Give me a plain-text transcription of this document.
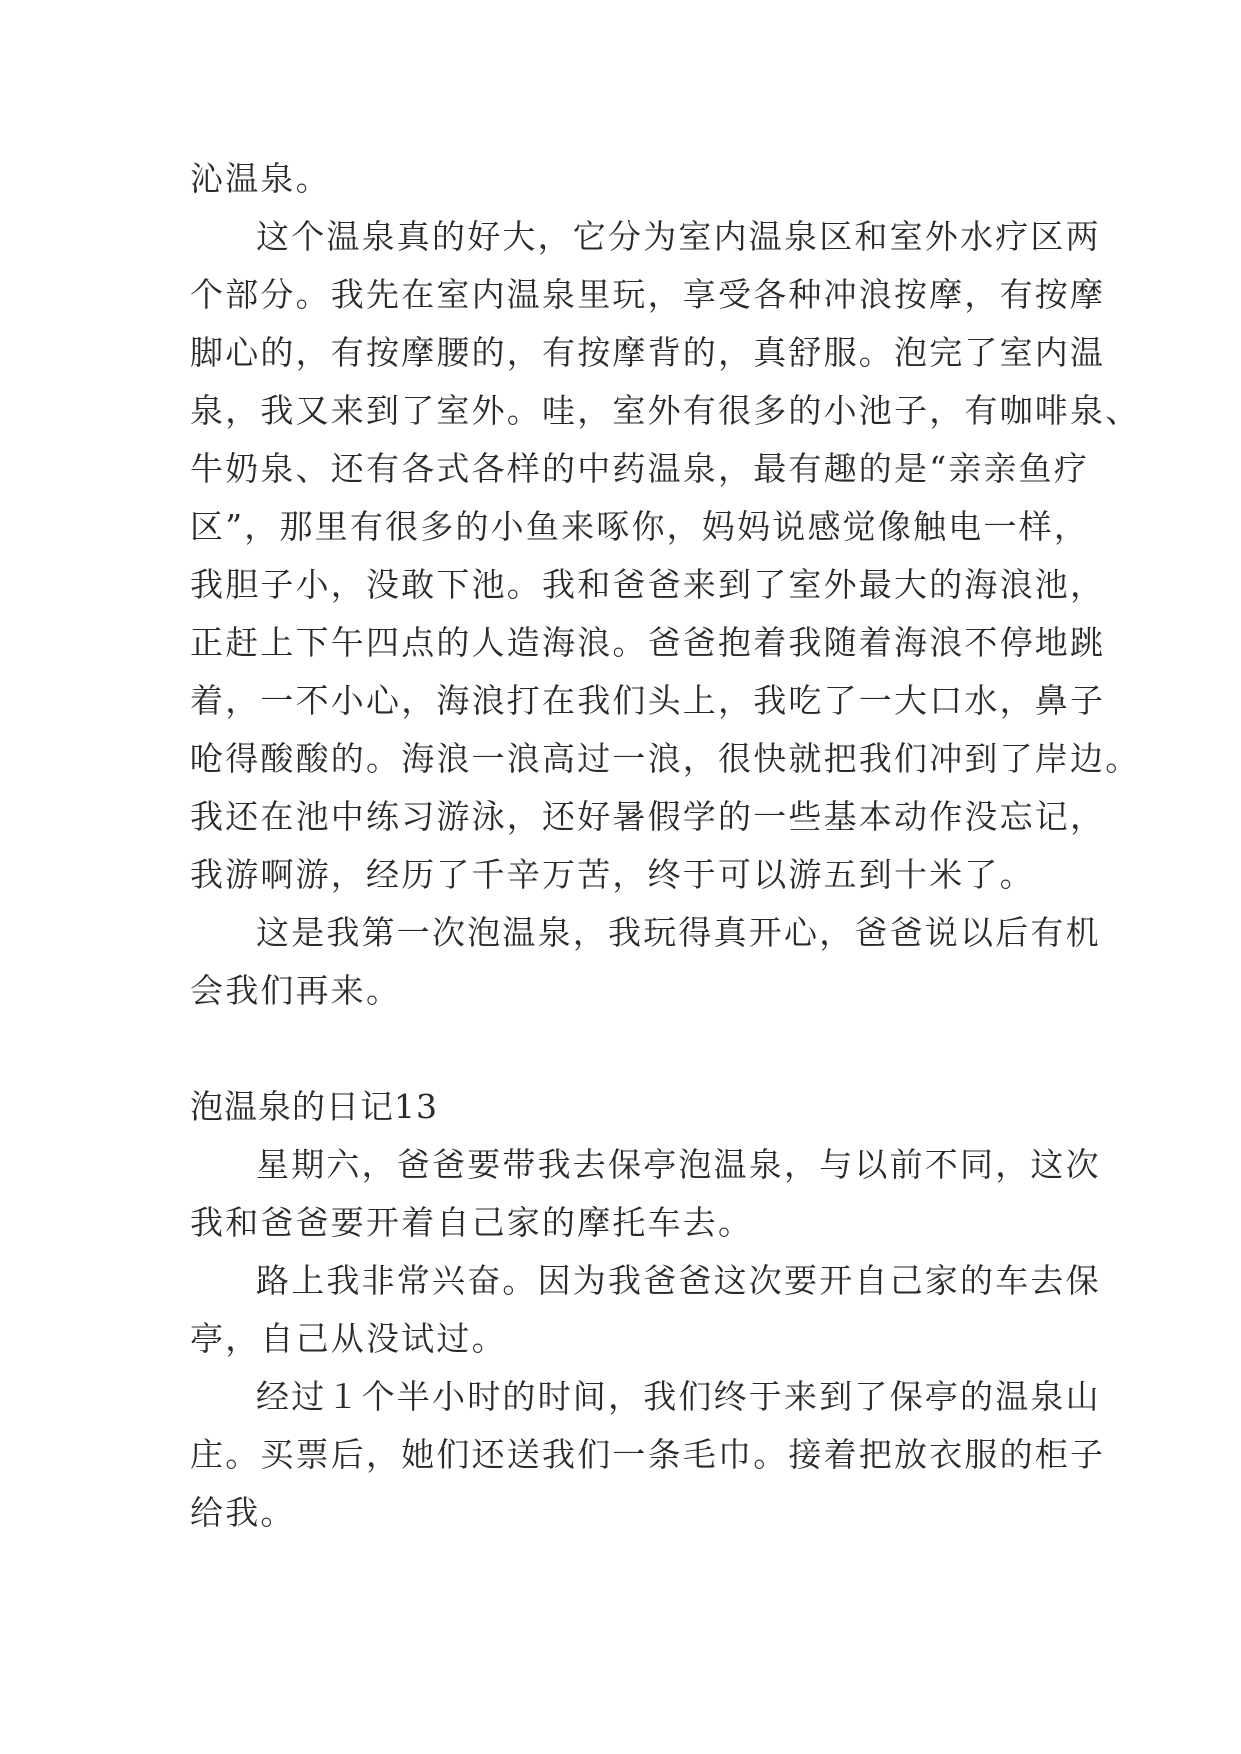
沁温泉。
这个温泉真的好大，它分为室内温泉区和室外水疗区两
个部分。我先在室内温泉里玩，享受各种冲浪按摩，有按摩
脚心的，有按摩腰的，有按摩背的，真舒服。泡完了室内温
泉，我又来到了室外。哇，室外有很多的小池子，有咖啡泉、
牛奶泉、还有各式各样的中药温泉，最有趣的是“亲亲鱼疗
区”，那里有很多的小鱼来啄你，妈妈说感觉像触电一样，
我胆子小，没敢下池。我和爸爸来到了室外最大的海浪池，
正赶上下午四点的人造海浪。爸爸抱着我随着海浪不停地跳
着，一不小心，海浪打在我们头上，我吃了一大口水，鼻子
呛得酸酸的。海浪一浪高过一浪，很快就把我们冲到了岸边。
我还在池中练习游泳，还好暑假学的一些基本动作没忘记，
我游啊游，经历了千辛万苦，终于可以游五到十米了。
这是我第一次泡温泉，我玩得真开心，爸爸说以后有机
会我们再来。
泡温泉的日记13
星期六，爸爸要带我去保亭泡温泉，与以前不同，这次
我和爸爸要开着自己家的摩托车去。
路上我非常兴奋。因为我爸爸这次要开自己家的车去保
亭，自己从没试过。
经过１个半小时的时间，我们终于来到了保亭的温泉山
庄。买票后，她们还送我们一条毛巾。接着把放衣服的柜子
给我。
